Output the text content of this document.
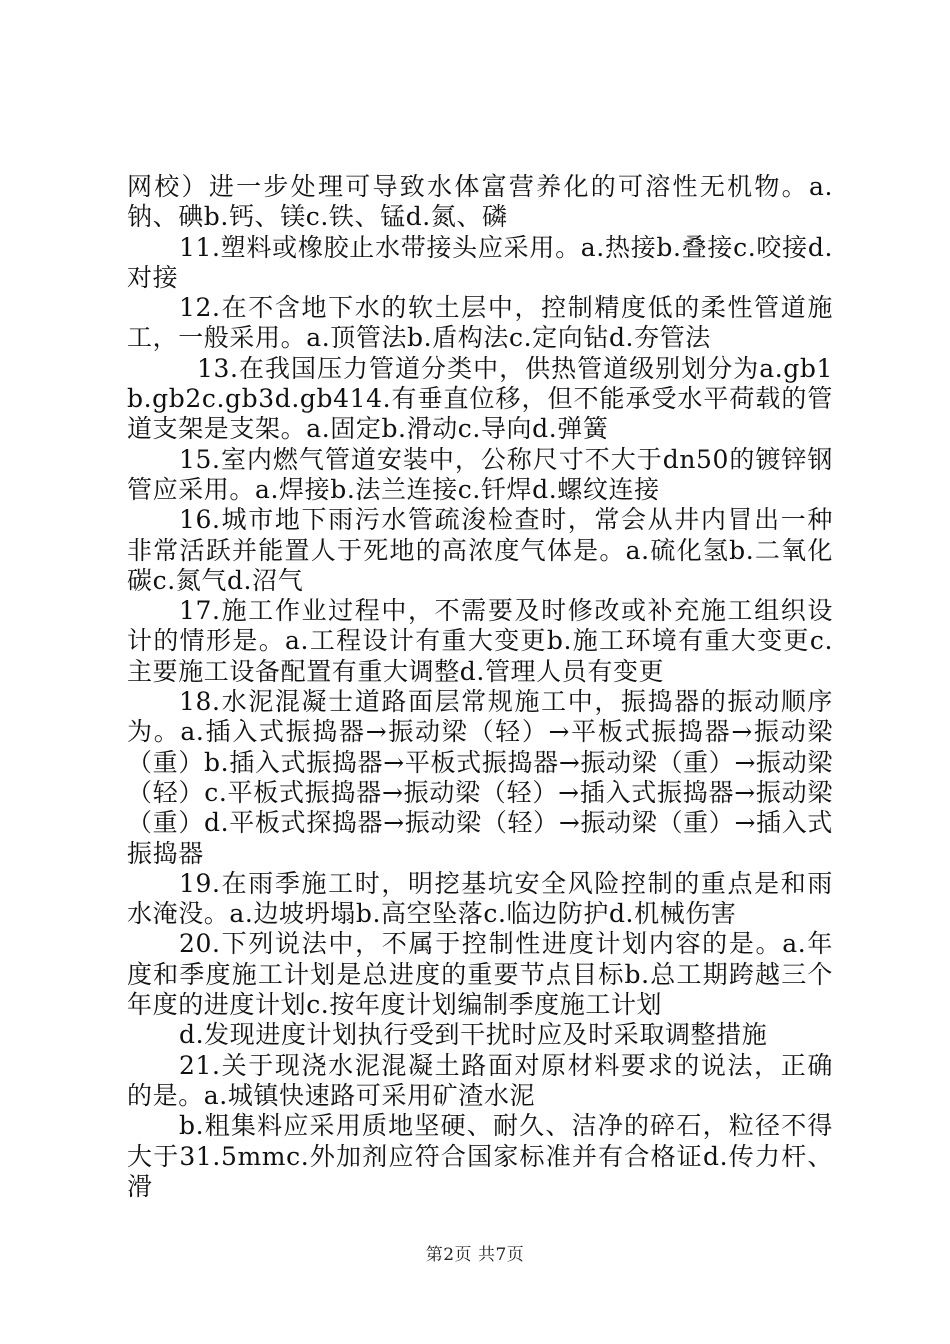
网校）进一步处理可导致水体富营养化的可溶性无机物。a.钠、碘b.钙、镁c.铁、锰d.氮、磷

11.塑料或橡胶止水带接头应采用。a.热接b.叠接c.咬接d.对接

12.在不含地下水的软土层中，控制精度低的柔性管道施工，一般采用。a.顶管法b.盾构法c.定向钻d.夯管法

13.在我国压力管道分类中，供热管道级别划分为a.gb1b.gb2c.gb3d.gb414.有垂直位移，但不能承受水平荷载的管道支架是支架。a.固定b.滑动c.导向d.弹簧

15.室内燃气管道安装中，公称尺寸不大于dn50的镀锌钢管应采用。a.焊接b.法兰连接c.钎焊d.螺纹连接

16.城市地下雨污水管疏浚检查时，常会从井内冒出一种非常活跃并能置人于死地的高浓度气体是。a.硫化氢b.二氧化碳c.氮气d.沼气

17.施工作业过程中，不需要及时修改或补充施工组织设计的情形是。a.工程设计有重大变更b.施工环境有重大变更c.主要施工设备配置有重大调整d.管理人员有变更

18.水泥混凝士道路面层常规施工中，振捣器的振动顺序为。a.插入式振捣器→振动梁（轻）→平板式振捣器→振动梁（重）b.插入式振捣器→平板式振捣器→振动梁（重）→振动梁（轻）c.平板式振捣器→振动梁（轻）→插入式振捣器→振动梁（重）d.平板式探捣器→振动梁（轻）→振动梁（重）→插入式振捣器

19.在雨季施工时，明挖基坑安全风险控制的重点是和雨水淹没。a.边坡坍塌b.高空坠落c.临边防护d.机械伤害

20.下列说法中，不属于控制性进度计划内容的是。a.年度和季度施工计划是总进度的重要节点目标b.总工期跨越三个年度的进度计划c.按年度计划编制季度施工计划

d.发现进度计划执行受到干扰时应及时采取调整措施

21.关于现浇水泥混凝土路面对原材料要求的说法，正确的是。a.城镇快速路可采用矿渣水泥

b.粗集料应采用质地坚硬、耐久、洁净的碎石，粒径不得大于31.5mmc.外加剂应符合国家标准并有合格证d.传力杆、滑

第2页 共7页
